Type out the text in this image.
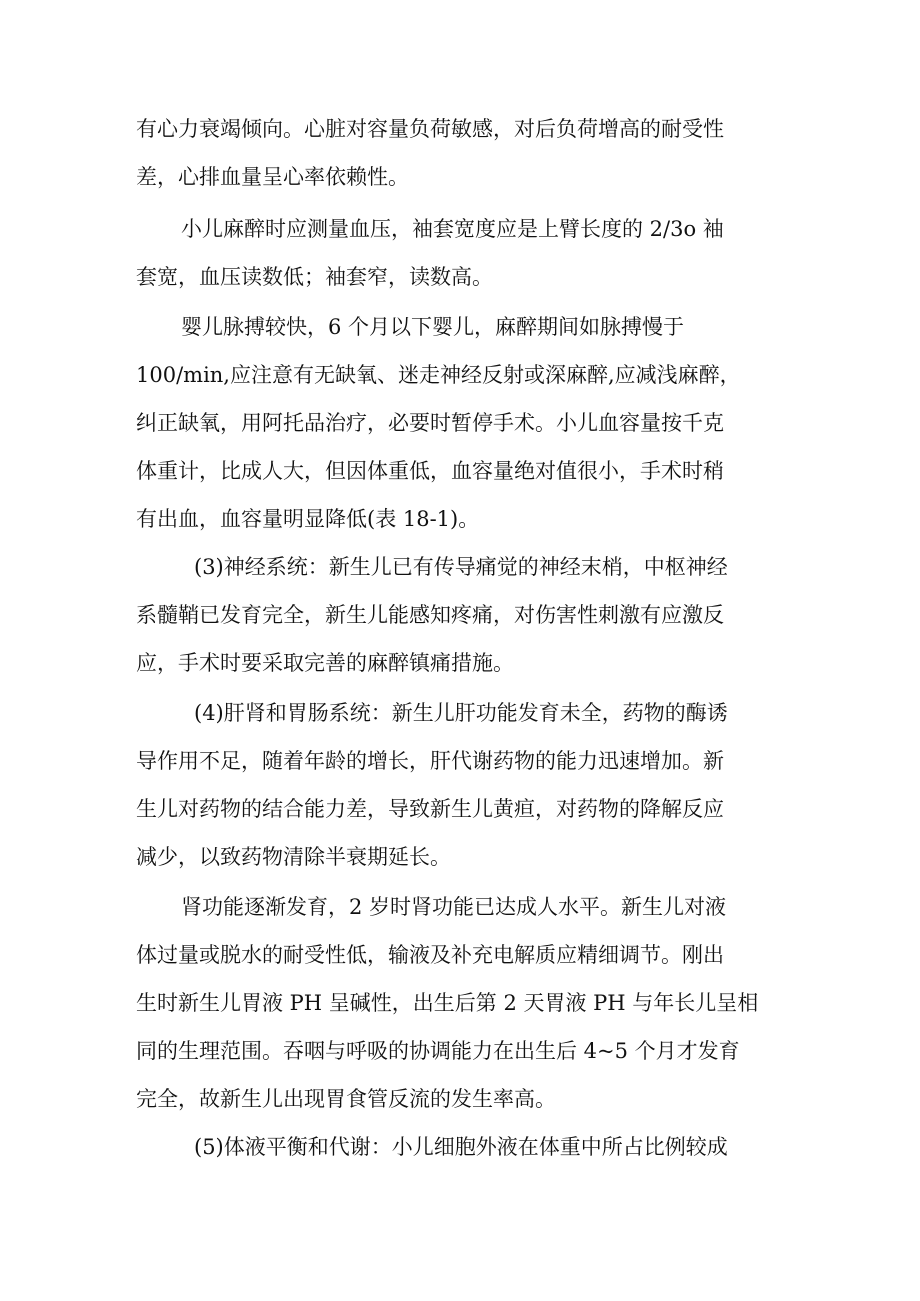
有心力衰竭倾向。心脏对容量负荷敏感，对后负荷增高的耐受性
差，心排血量呈心率依赖性。
小儿麻醉时应测量血压，袖套宽度应是上臂长度的 2/3o 袖
套宽，血压读数低；袖套窄，读数高。
婴儿脉搏较快，6 个月以下婴儿，麻醉期间如脉搏慢于
100/min,应注意有无缺氧、迷走神经反射或深麻醉,应减浅麻醉，
纠正缺氧，用阿托品治疗，必要时暂停手术。小儿血容量按千克
体重计，比成人大，但因体重低，血容量绝对值很小，手术时稍
有出血，血容量明显降低(表 18-1)。
(3)神经系统：新生儿已有传导痛觉的神经末梢，中枢神经
系髓鞘已发育完全，新生儿能感知疼痛，对伤害性刺激有应激反
应，手术时要采取完善的麻醉镇痛措施。
(4)肝肾和胃肠系统：新生儿肝功能发育未全，药物的酶诱
导作用不足，随着年龄的增长，肝代谢药物的能力迅速增加。新
生儿对药物的结合能力差，导致新生儿黄疸，对药物的降解反应
减少，以致药物清除半衰期延长。
肾功能逐渐发育，2 岁时肾功能已达成人水平。新生儿对液
体过量或脱水的耐受性低，输液及补充电解质应精细调节。刚出
生时新生儿胃液 PH 呈碱性，出生后第 2 天胃液 PH 与年长儿呈相
同的生理范围。吞咽与呼吸的协调能力在出生后 4~5 个月才发育
完全，故新生儿出现胃食管反流的发生率高。
(5)体液平衡和代谢：小儿细胞外液在体重中所占比例较成
